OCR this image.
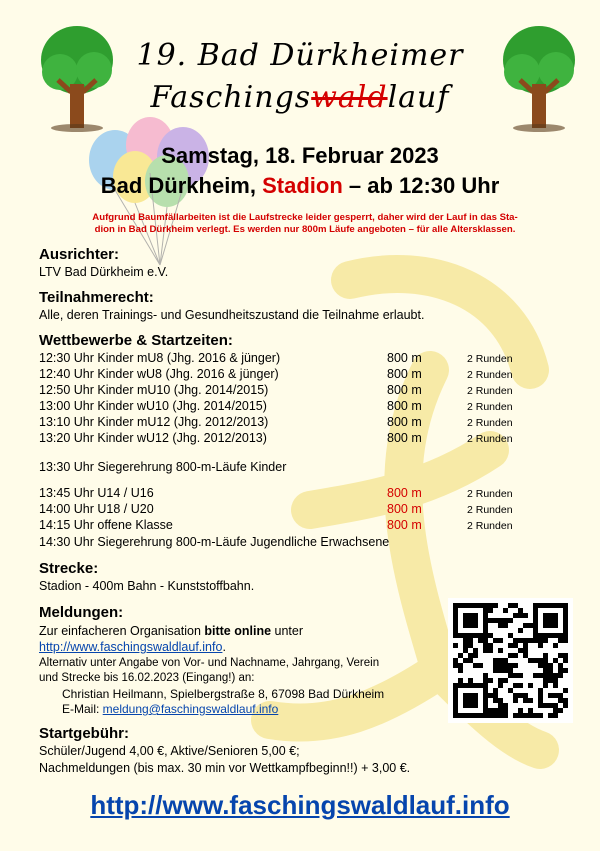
19. Bad Dürkheimer
Faschingswaldlauf
Samstag, 18. Februar 2023
Bad Dürkheim, Stadion – ab 12:30 Uhr
Aufgrund Baumfällarbeiten ist die Laufstrecke leider gesperrt, daher wird der Lauf in das Sta-
dion in Bad Dürkheim verlegt. Es werden nur 800m Läufe angeboten – für alle Altersklassen.
Ausrichter:
LTV Bad Dürkheim e.V.
Teilnahmerecht:
Alle, deren Trainings- und Gesundheitszustand die Teilnahme erlaubt.
Wettbewerbe & Startzeiten:
12:30 Uhr Kinder mU8 (Jhg. 2016 & jünger)	800 m	2 Runden
12:40 Uhr Kinder wU8 (Jhg. 2016 & jünger)	800 m	2 Runden
12:50 Uhr Kinder mU10 (Jhg. 2014/2015)	800 m	2 Runden
13:00 Uhr Kinder wU10 (Jhg. 2014/2015)	800 m	2 Runden
13:10 Uhr Kinder mU12 (Jhg. 2012/2013)	800 m	2 Runden
13:20 Uhr Kinder wU12 (Jhg. 2012/2013)	800 m	2 Runden
13:30 Uhr Siegerehrung 800-m-Läufe Kinder
13:45 Uhr U14 / U16	800 m	2 Runden
14:00 Uhr U18 / U20	800 m	2 Runden
14:15 Uhr offene Klasse	800 m	2 Runden
14:30 Uhr Siegerehrung 800-m-Läufe Jugendliche Erwachsene
Strecke:
Stadion - 400m Bahn - Kunststoffbahn.
Meldungen:
Zur einfacheren Organisation bitte online unter
http://www.faschingswaldlauf.info.
Alternativ unter Angabe von Vor- und Nachname, Jahrgang, Verein
und Strecke bis 16.02.2023 (Eingang!) an:
Christian Heilmann, Spielbergstraße 8, 67098 Bad Dürkheim
E-Mail: meldung@faschingswaldlauf.info
Startgebühr:
Schüler/Jugend 4,00 €, Aktive/Senioren 5,00 €;
Nachmeldungen (bis max. 30 min vor Wettkampfbeginn!!) + 3,00 €.
http://www.faschingswaldlauf.info
